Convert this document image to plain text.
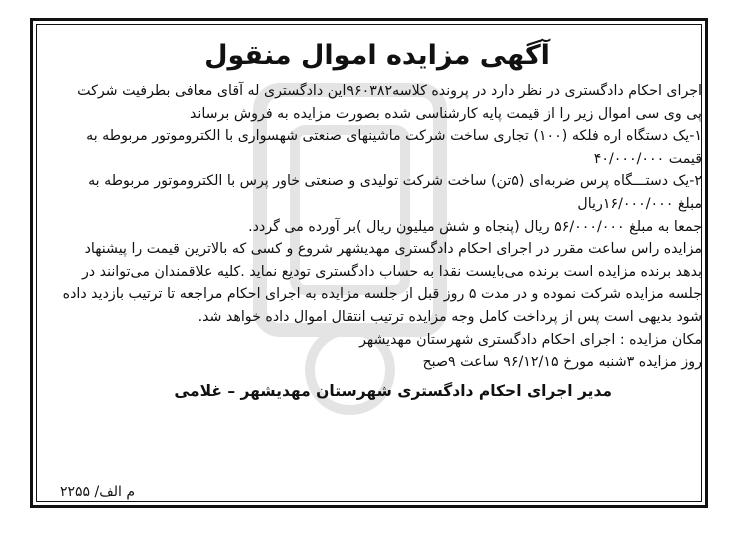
آگهی مزایده اموال منقول
اجرای احکام دادگستری در نظر دارد در پرونده کلاسه۹۶۰۳۸۲این دادگستری له آقای معافی بطرفیت شرکت
پی وی سی اموال زیر را از قیمت پایه کارشناسی شده بصورت مزایده به فروش برساند
۱-یک دستگاه اره فلکه (۱۰۰) تجاری ساخت شرکت ماشینهای صنعتی شهسواری با الکتروموتور مربوطه به
قیمت ۴۰/۰۰۰/۰۰۰
۲-یک دستـــگاه پرس ضربه‌ای (۵تن) ساخت شرکت تولیدی و صنعتی خاور پرس با الکتروموتور مربوطه به
مبلغ ۱۶/۰۰۰/۰۰۰ریال
جمعا به مبلغ ۵۶/۰۰۰/۰۰۰ ریال (پنجاه و شش میلیون ریال )بر آورده می گردد.
مزایده راس ساعت مقرر در اجرای احکام دادگستری مهدیشهر شروع و کسی که بالاترین قیمت را پیشنهاد
بدهد برنده مزایده است برنده می‌بایست نقدا به حساب دادگستری تودیع نماید .کلیه علاقمندان می‌توانند در
جلسه مزایده شرکت نموده و در مدت ۵ روز قبل از جلسه مزایده به اجرای احکام مراجعه تا ترتیب بازدید داده
شود بدیهی است پس از پرداخت کامل وجه مزایده ترتیب انتقال اموال داده خواهد شد.
مکان مزایده : اجرای احکام دادگستری شهرستان مهدیشهر
روز مزایده ۳شنبه مورخ ۹۶/۱۲/۱۵ ساعت ۹صبح
مدیر اجرای احکام دادگستری شهرستان مهدیشهر – غلامی
م الف/ ۲۲۵۵
